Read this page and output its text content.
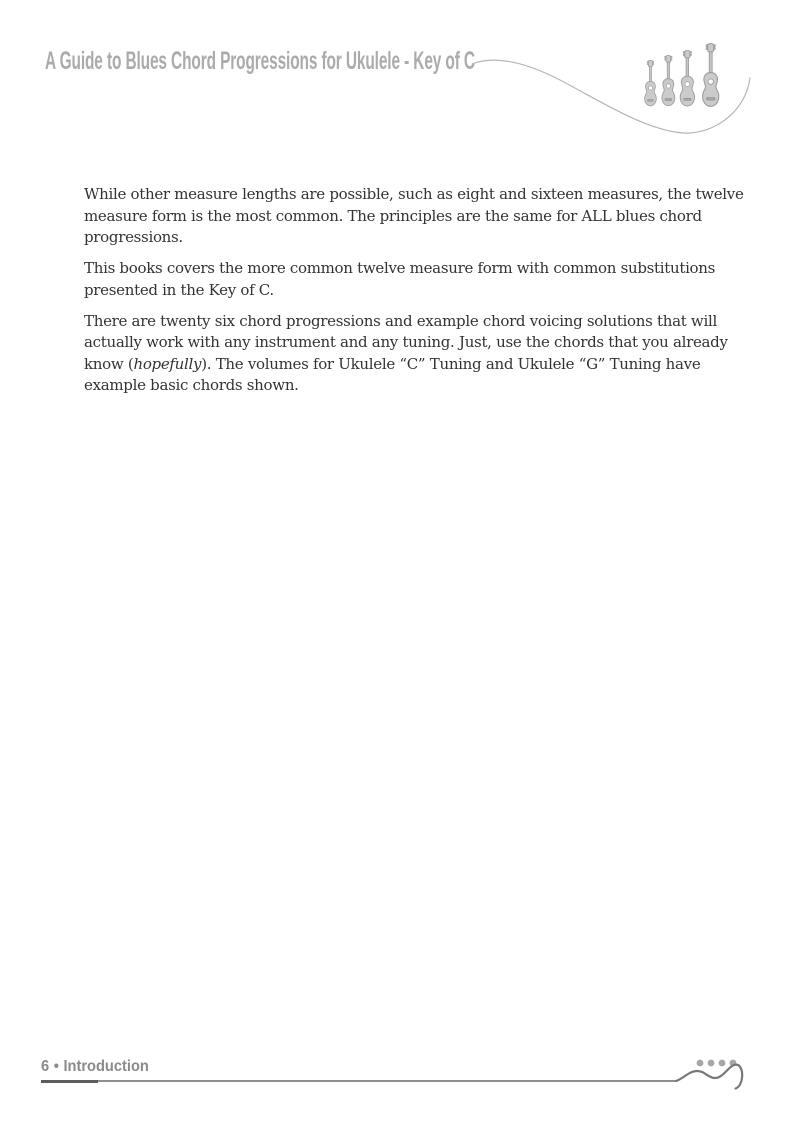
A Guide to Blues Chord Progressions for Ukulele - Key of C

While other measure lengths are possible, such as eight and sixteen measures, the twelve
measure form is the most common. The principles are the same for ALL blues chord
progressions.

This books covers the more common twelve measure form with common substitutions
presented in the Key of C.

There are twenty six chord progressions and example chord voicing solutions that will
actually work with any instrument and any tuning. Just, use the chords that you already
know (hopefully). The volumes for Ukulele “C” Tuning and Ukulele “G” Tuning have
example basic chords shown.

6 • Introduction
